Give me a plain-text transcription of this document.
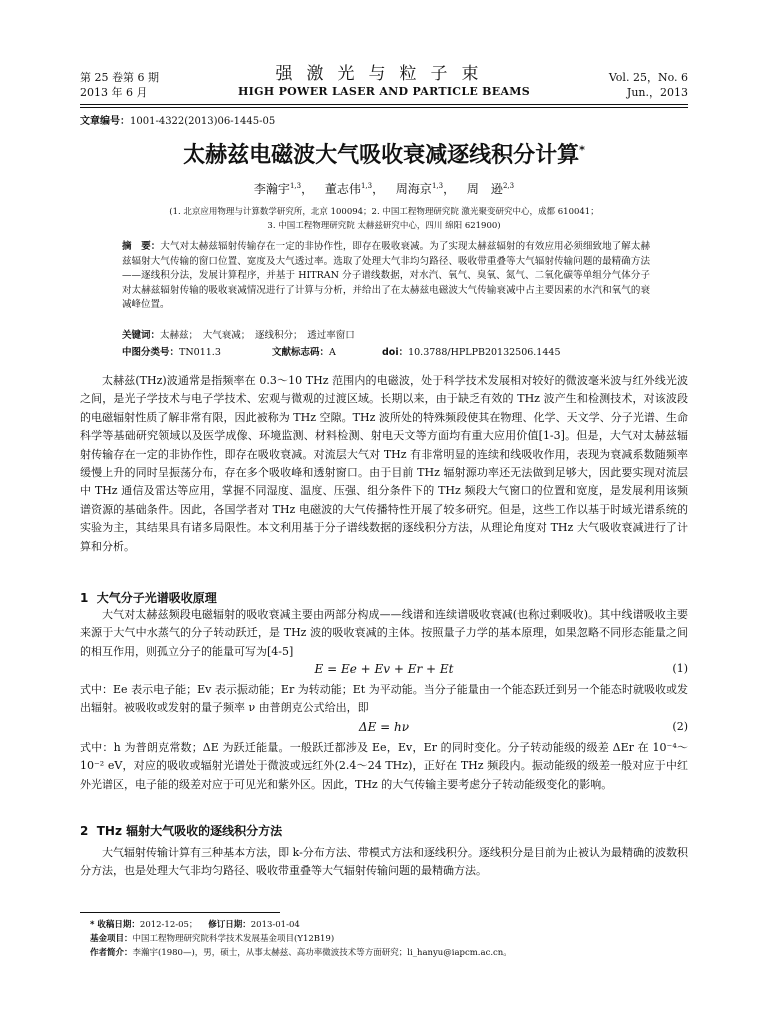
第 25 卷第 6 期
2013 年 6 月
强激光与粒子束
HIGH POWER LASER AND PARTICLE BEAMS
Vol. 25，No. 6
Jun.，2013
文章编号：1001-4322(2013)06-1445-05
太赫兹电磁波大气吸收衰减逐线积分计算*
李瀚宇$^{1,3}$， 董志伟$^{1,3}$， 周海京$^{1,3}$， 周　逊$^{2,3}$
(1. 北京应用物理与计算数学研究所，北京 100094；2. 中国工程物理研究院 激光聚变研究中心，成都 610041；
3. 中国工程物理研究院 太赫兹研究中心，四川 绵阳 621900)
摘　要：大气对太赫兹辐射传输存在一定的非协作性，即存在吸收衰减。为了实现太赫兹辐射的有效应用必须细致地了解太赫兹辐射大气传输的窗口位置、宽度及大气透过率。选取了处理大气非均匀路径、吸收带重叠等大气辐射传输问题的最精确方法——逐线积分法，发展计算程序，并基于 HITRAN 分子谱线数据，对水汽、氧气、臭氧、氮气、二氧化碳等单组分气体分子对太赫兹辐射传输的吸收衰减情况进行了计算与分析，并给出了在太赫兹电磁波大气传输衰减中占主要因素的水汽和氧气的衰减峰位置。
关键词：太赫兹；　大气衰减；　逐线积分；　透过率窗口
中图分类号：TN011.3	文献标志码：A	doi：10.3788/HPLPB20132506.1445
太赫兹(THz)波通常是指频率在 0.3～10 THz 范围内的电磁波，处于科学技术发展相对较好的微波毫米波与红外线光波之间，是光子学技术与电子学技术、宏观与微观的过渡区域。长期以来，由于缺乏有效的 THz 波产生和检测技术，对该波段的电磁辐射性质了解非常有限，因此被称为 THz 空隙。THz 波所处的特殊频段使其在物理、化学、天文学、分子光谱、生命科学等基础研究领域以及医学成像、环境监测、材料检测、射电天文等方面均有重大应用价值[1-3]。但是，大气对太赫兹辐射传输存在一定的非协作性，即存在吸收衰减。对流层大气对 THz 有非常明显的连续和线吸收作用，表现为衰减系数随频率缓慢上升的同时呈振荡分布，存在多个吸收峰和透射窗口。由于目前 THz 辐射源功率还无法做到足够大，因此要实现对流层中 THz 通信及雷达等应用，掌握不同湿度、温度、压强、组分条件下的 THz 频段大气窗口的位置和宽度，是发展利用该频谱资源的基础条件。因此，各国学者对 THz 电磁波的大气传播特性开展了较多研究。但是，这些工作以基于时域光谱系统的实验为主，其结果具有诸多局限性。本文利用基于分子谱线数据的逐线积分方法，从理论角度对 THz 大气吸收衰减进行了计算和分析。
1 大气分子光谱吸收原理
大气对太赫兹频段电磁辐射的吸收衰减主要由两部分构成——线谱和连续谱吸收衰减(也称过剩吸收)。其中线谱吸收主要来源于大气中水蒸气的分子转动跃迁，是 THz 波的吸收衰减的主体。按照量子力学的基本原理，如果忽略不同形态能量之间的相互作用，则孤立分子的能量可写为[4-5]
E = Ee + Ev + Er + Et	(1)
式中：Ee 表示电子能；Ev 表示振动能；Er 为转动能；Et 为平动能。当分子能量由一个能态跃迁到另一个能态时就吸收或发出辐射。被吸收或发射的量子频率 ν 由普朗克公式给出，即
ΔE = hν	(2)
式中：h 为普朗克常数；ΔE 为跃迁能量。一般跃迁都涉及 Ee，Ev，Er 的同时变化。分子转动能级的级差 ΔEr 在 10⁻⁴～10⁻² eV，对应的吸收或辐射光谱处于微波或远红外(2.4～24 THz)，正好在 THz 频段内。振动能级的级差一般对应于中红外光谱区，电子能的级差对应于可见光和紫外区。因此，THz 的大气传输主要考虑分子转动能级变化的影响。
2 THz 辐射大气吸收的逐线积分方法
大气辐射传输计算有三种基本方法，即 k-分布方法、带模式方法和逐线积分。逐线积分是目前为止被认为最精确的波数积分方法，也是处理大气非均匀路径、吸收带重叠等大气辐射传输问题的最精确方法。
* 收稿日期：2012-12-05； 修订日期：2013-01-04
基金项目：中国工程物理研究院科学技术发展基金项目(Y12B19)
作者简介：李瀚宇(1980—)，男，硕士，从事太赫兹、高功率微波技术等方面研究；li_hanyu@iapcm.ac.cn。
